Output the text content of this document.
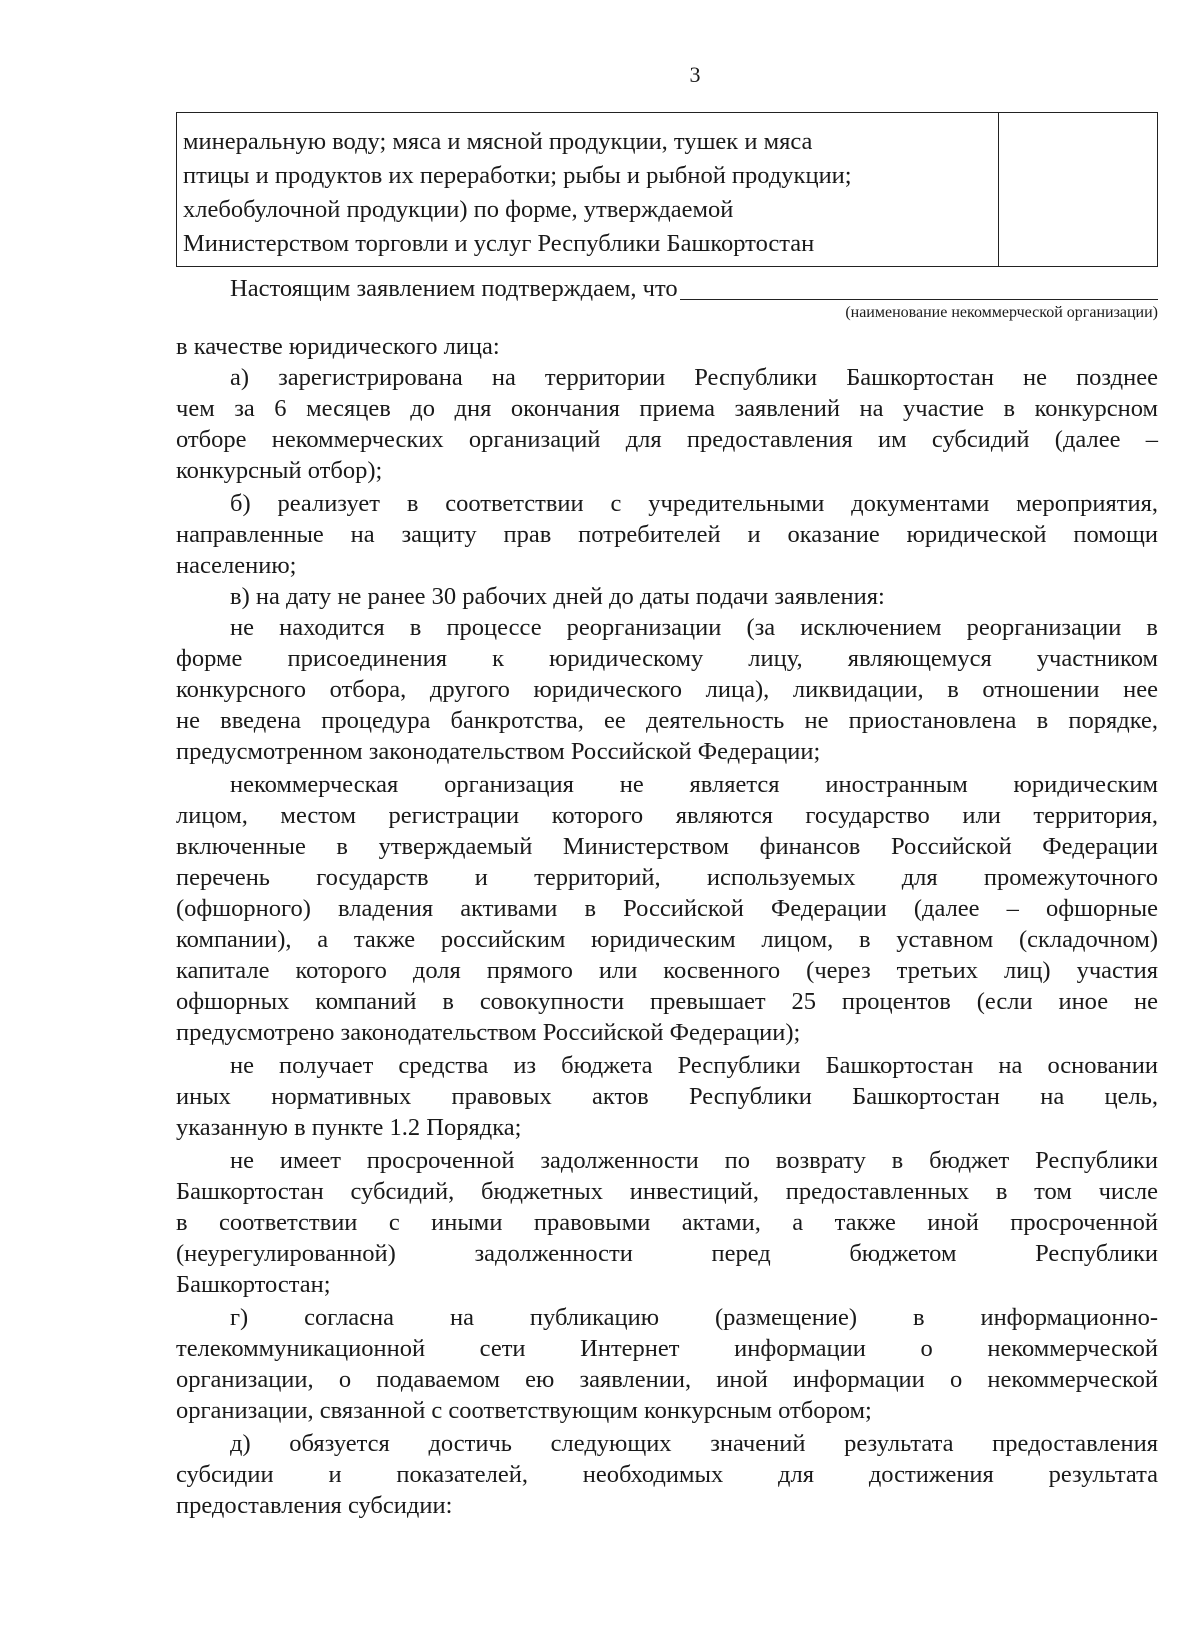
3
минеральную воду; мяса и мясной продукции, тушек и мяса
птицы и продуктов их переработки; рыбы и рыбной продукции;
хлебобулочной продукции) по форме, утверждаемой
Министерством торговли и услуг Республики Башкортостан
Настоящим заявлением подтверждаем, что
(наименование некоммерческой организации)
в качестве юридического лица:
а) зарегистрирована на территории Республики Башкортостан не позднее
чем за 6 месяцев до дня окончания приема заявлений на участие в конкурсном
отборе некоммерческих организаций для предоставления им субсидий (далее –
конкурсный отбор);
б) реализует в соответствии с учредительными документами мероприятия,
направленные на защиту прав потребителей и оказание юридической помощи
населению;
в) на дату не ранее 30 рабочих дней до даты подачи заявления:
не находится в процессе реорганизации (за исключением реорганизации в
форме присоединения к юридическому лицу, являющемуся участником
конкурсного отбора, другого юридического лица), ликвидации, в отношении нее
не введена процедура банкротства, ее деятельность не приостановлена в порядке,
предусмотренном законодательством Российской Федерации;
некоммерческая организация не является иностранным юридическим
лицом, местом регистрации которого являются государство или территория,
включенные в утверждаемый Министерством финансов Российской Федерации
перечень государств и территорий, используемых для промежуточного
(офшорного) владения активами в Российской Федерации (далее – офшорные
компании), а также российским юридическим лицом, в уставном (складочном)
капитале которого доля прямого или косвенного (через третьих лиц) участия
офшорных компаний в совокупности превышает 25 процентов (если иное не
предусмотрено законодательством Российской Федерации);
не получает средства из бюджета Республики Башкортостан на основании
иных нормативных правовых актов Республики Башкортостан на цель,
указанную в пункте 1.2 Порядка;
не имеет просроченной задолженности по возврату в бюджет Республики
Башкортостан субсидий, бюджетных инвестиций, предоставленных в том числе
в соответствии с иными правовыми актами, а также иной просроченной
(неурегулированной) задолженности перед бюджетом Республики
Башкортостан;
г) согласна на публикацию (размещение) в информационно-
телекоммуникационной сети Интернет информации о некоммерческой
организации, о подаваемом ею заявлении, иной информации о некоммерческой
организации, связанной с соответствующим конкурсным отбором;
д) обязуется достичь следующих значений результата предоставления
субсидии и показателей, необходимых для достижения результата
предоставления субсидии:
